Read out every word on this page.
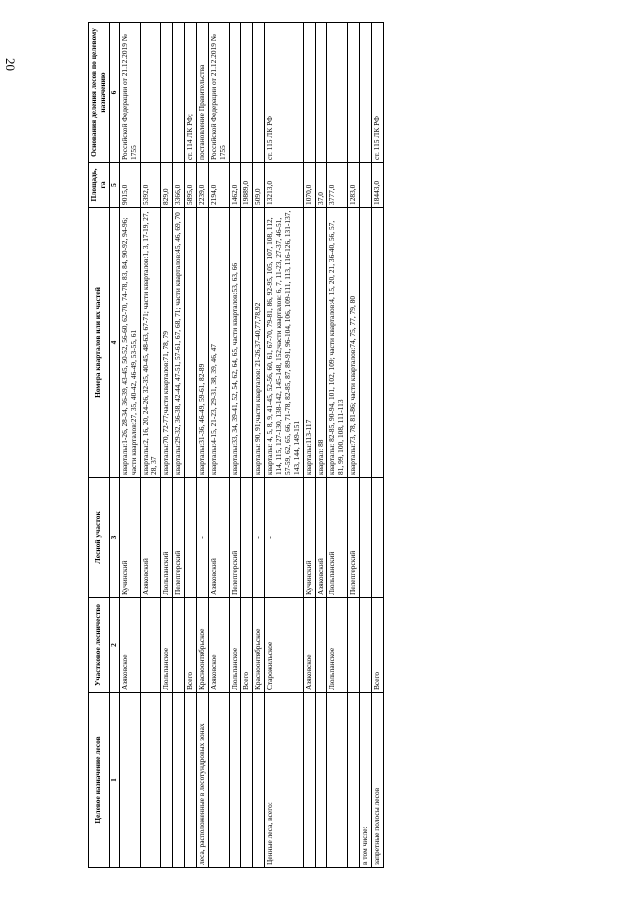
20
Целевое назначение лесов	Участковое лесничество	Лесной участок	Номера кварталов или их частей	Площадь, га	Основания деления лесов по целевому назначению
1	2	3	4	5	6
	Азяковское	Кучинский	кварталы:1-26, 28-34, 36-39, 43-45, 50-52, 56-60, 62-70, 74-78, 83, 84, 90-92, 94-96; части кварталов:27, 35, 40-42, 46-49, 53-55, 61	9015,0	Российской Федерации от 21.12.2019 № 1755
		Азяковский	кварталы:2, 16, 20, 24-26, 32-35, 40-45, 48-63, 67-71; части кварталов:1, 3, 17-19, 27, 28, 37	5392,0	
	Люльпанское	Люльпанский	кварталы:70, 72-77;части кварталов:71, 78, 79	829,0	
		Пелепгерский	кварталы:29-32, 36-38, 42-44, 47-51, 57-61, 67, 68, 71; части кварталов:45, 46, 69, 70	3366,0	
	Всего			5895,0	ст. 114 ЛК РФ;
леса, расположенные в лесотундровых зонах	Красноонтябрьское	-	кварталы:31-36, 46-49, 59-61, 82-89	2239,0	постановление Правительства
	Азяковское	Азяковский	кварталы:4-15, 21-23, 29-31, 38, 39, 46, 47	2194,0	Российской Федерации от 21.12.2019 № 1755
	Люльпанское	Пелепгерский	кварталы:33, 34, 39-41, 52, 54, 62, 64, 65, части кварталов:53, 63, 66	1462,0	
	Всего			19889,0	
	Красноонтябрьское	-	кварталы: 90, 91;части кварталов: 21-26,37-40,77,78,92	509,0	
Ценные леса, всего:	Старожильское	-	кварталы: 4, 5, 8, 9, 41-45, 52-56, 60, 61, 67-70, 79-81, 86, 92-95, 105, 107, 108, 112, 114, 115, 127-130, 138-142, 145-148, 152;части кварталов: 6, 7, 11-23, 27-37, 46-51, 57-59, 62, 65, 66, 71-78, 82-85, 87, 89-91, 96-104, 106, 109-111, 113, 116-126, 131-137, 143, 144, 149-151	13213,0	ст. 115 ЛК РФ
	Азяковское	Кучинский	кварталы:113-117	1070,0	
		Азяковский	квартал: 88	37,0	
	Люльпанское	Люльпанский	кварталы: 82-85, 90-94, 101, 102, 109; части кварталов:4, 15, 20, 21, 36-40, 56, 57, 81, 99, 100, 108, 111-113	3777,0	
		Пелепгерский	кварталы:73, 78, 81-86; части кварталов:74, 75, 77, 79, 80	1283,0	
в том числе:					
запретные полосы лесов	Всего			18443,0	ст. 115 ЛК РФ
